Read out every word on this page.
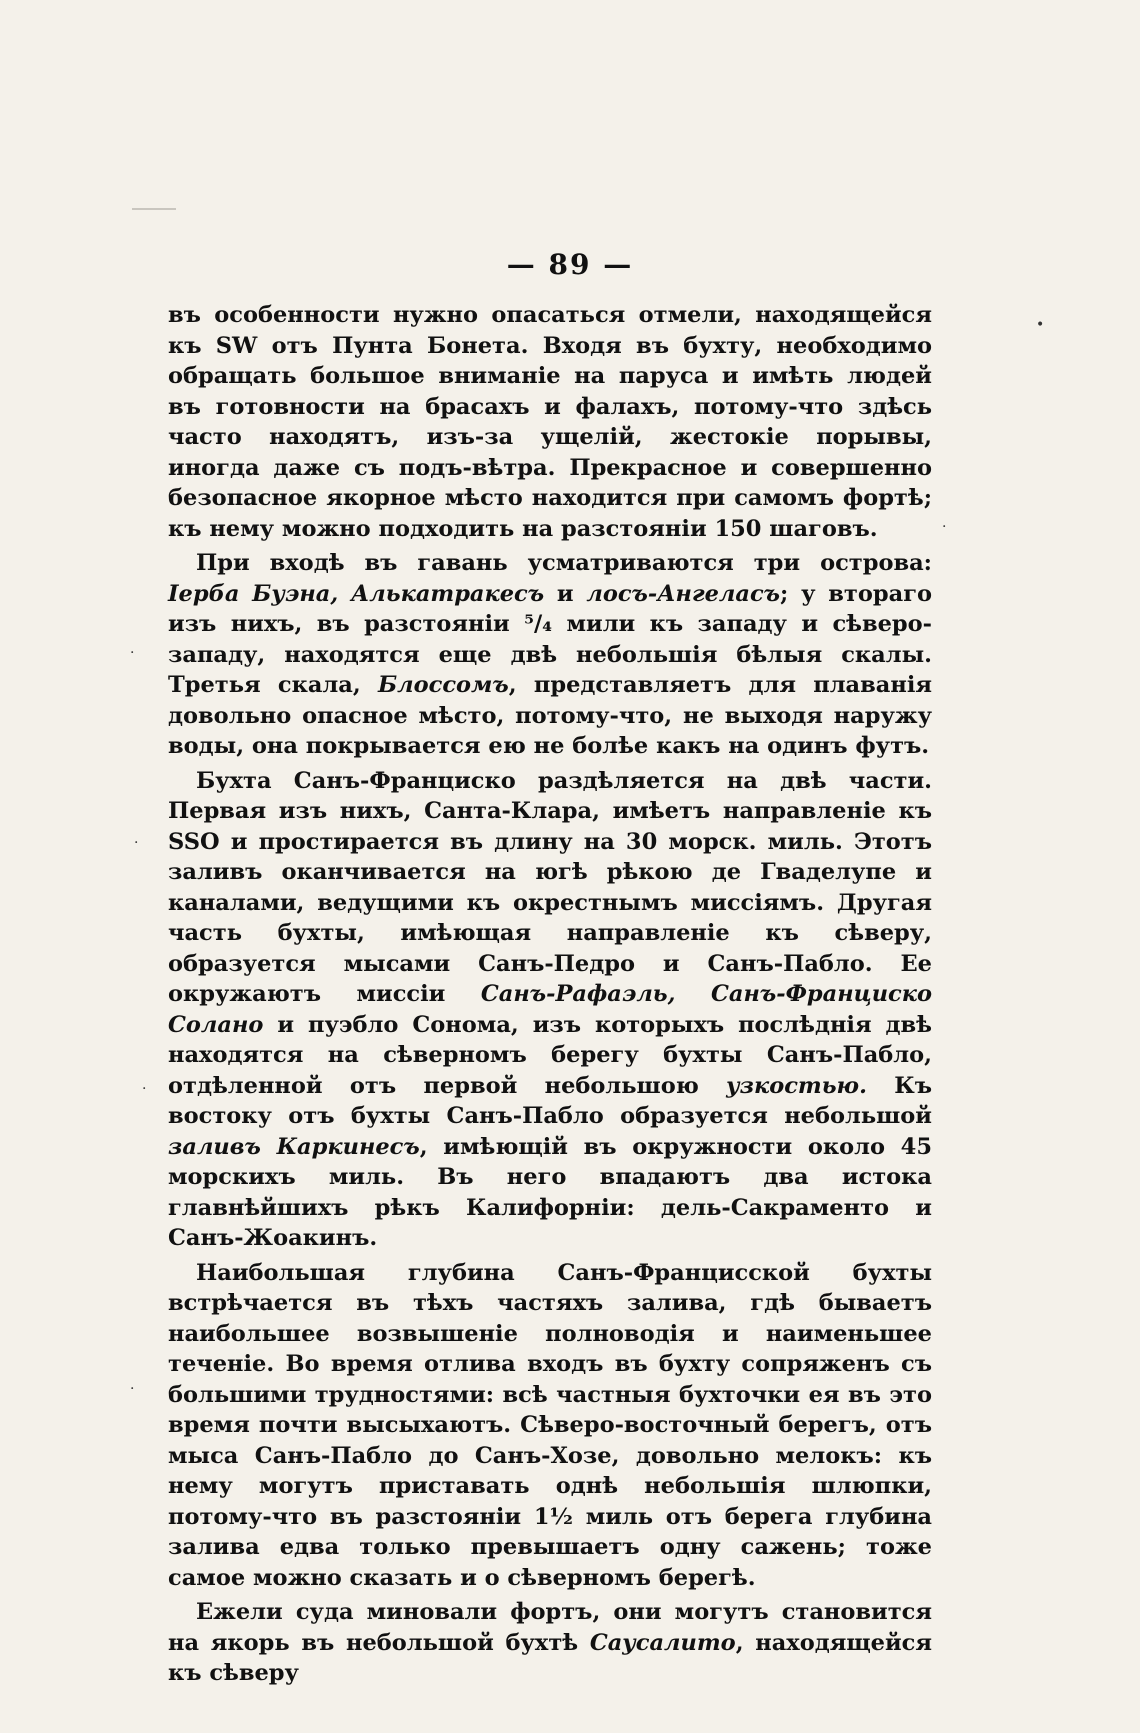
•
·
·
·
·
·
— 89 —

въ особенности нужно опасаться отмели, находящейся къ SW отъ Пунта Бонета. Входя въ бухту, необходимо обращать большое вниманіе на паруса и имѣть людей въ готовности на брасахъ и фалахъ, потому-что здѣсь часто находятъ, изъ-за ущелій, жестокіе порывы, иногда даже съ подъ-вѣтра. Прекрасное и совершенно безопасное якорное мѣсто находится при самомъ фортѣ; къ нему можно подходить на разстояніи 150 шаговъ.

При входѣ въ гавань усматриваются три острова: Іерба Буэна, Алькатракесъ и лосъ-Ангеласъ; у втораго изъ нихъ, въ разстояніи ⁵/₄ мили къ западу и сѣверо-западу, находятся еще двѣ небольшія бѣлыя скалы. Третья скала, Блоссомъ, представляетъ для плаванія довольно опасное мѣсто, потому-что, не выходя наружу воды, она покрывается ею не болѣе какъ на одинъ футъ.

Бухта Санъ-Франциско раздѣляется на двѣ части. Первая изъ нихъ, Санта-Клара, имѣетъ направленіе къ SSO и простирается въ длину на 30 морск. миль. Этотъ заливъ оканчивается на югѣ рѣкою де Гваделупе и каналами, ведущими къ окрестнымъ миссіямъ. Другая часть бухты, имѣющая направленіе къ сѣверу, образуется мысами Санъ-Педро и Санъ-Пабло. Ее окружаютъ миссіи Санъ-Рафаэль, Санъ-Франциско Солано и пуэбло Сонома, изъ которыхъ послѣднія двѣ находятся на сѣверномъ берегу бухты Санъ-Пабло, отдѣленной отъ первой небольшою узкостью. Къ востоку отъ бухты Санъ-Пабло образуется небольшой заливъ Каркинесъ, имѣющій въ окружности около 45 морскихъ миль. Въ него впадаютъ два истока главнѣйшихъ рѣкъ Калифорніи: дель-Сакраменто и Санъ-Жоакинъ.

Наибольшая глубина Санъ-Францисской бухты встрѣчается въ тѣхъ частяхъ залива, гдѣ бываетъ наибольшее возвышеніе полноводія и наименьшее теченіе. Во время отлива входъ въ бухту сопряженъ съ большими трудностями: всѣ частныя бухточки ея въ это время почти высыхаютъ. Сѣверо-восточный берегъ, отъ мыса Санъ-Пабло до Санъ-Хозе, довольно мелокъ: къ нему могутъ приставать однѣ небольшія шлюпки, потому-что въ разстояніи 1½ миль отъ берега глубина залива едва только превышаетъ одну сажень; тоже самое можно сказать и о сѣверномъ берегѣ.

Ежели суда миновали фортъ, они могутъ становится на якорь въ небольшой бухтѣ Саусалито, находящейся къ сѣверу
